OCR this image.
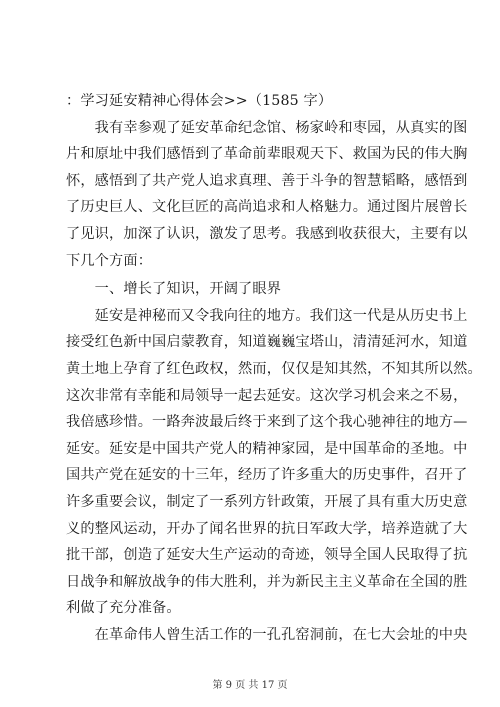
：学习延安精神心得体会>>（1585 字）
　　我有幸参观了延安革命纪念馆、杨家岭和枣园，从真实的图
片和原址中我们感悟到了革命前辈眼观天下、救国为民的伟大胸
怀，感悟到了共产党人追求真理、善于斗争的智慧韬略，感悟到
了历史巨人、文化巨匠的高尚追求和人格魅力。通过图片展曾长
了见识，加深了认识，激发了思考。我感到收获很大，主要有以
下几个方面：
　　一、增长了知识，开阔了眼界
　　延安是神秘而又令我向往的地方。我们这一代是从历史书上
接受红色新中国启蒙教育，知道巍巍宝塔山，清清延河水，知道
黄土地上孕育了红色政权，然而，仅仅是知其然，不知其所以然。
这次非常有幸能和局领导一起去延安。这次学习机会来之不易，
我倍感珍惜。一路奔波最后终于来到了这个我心驰神往的地方—
延安。延安是中国共产党人的精神家园，是中国革命的圣地。中
国共产党在延安的十三年，经历了许多重大的历史事件，召开了
许多重要会议，制定了一系列方针政策，开展了具有重大历史意
义的整风运动，开办了闻名世界的抗日军政大学，培养造就了大
批干部，创造了延安大生产运动的奇迹，领导全国人民取得了抗
日战争和解放战争的伟大胜利，并为新民主主义革命在全国的胜
利做了充分准备。
　　在革命伟人曾生活工作的一孔孔窑洞前，在七大会址的中央
第 9 页 共 17 页
